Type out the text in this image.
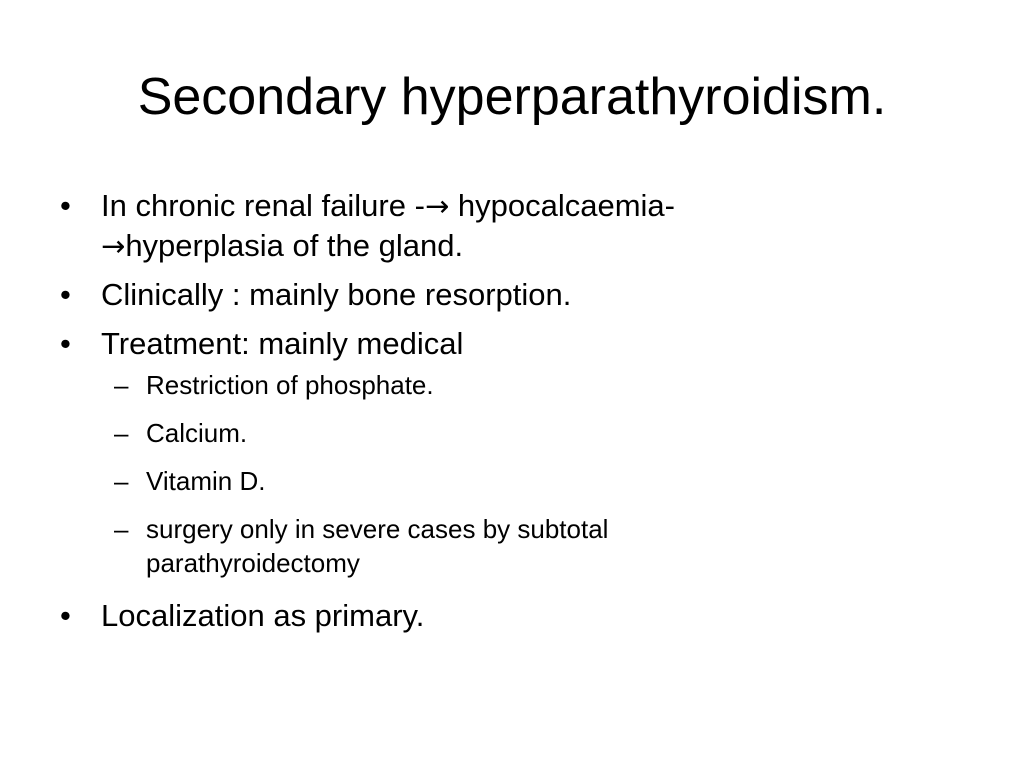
Secondary hyperparathyroidism.
• In chronic renal failure -→ hypocalcaemia-
→hyperplasia of the gland.
• Clinically : mainly bone resorption.
• Treatment: mainly medical
– Restriction of phosphate.
– Calcium.
– Vitamin D.
– surgery only in severe cases by subtotal parathyroidectomy
• Localization as primary.
